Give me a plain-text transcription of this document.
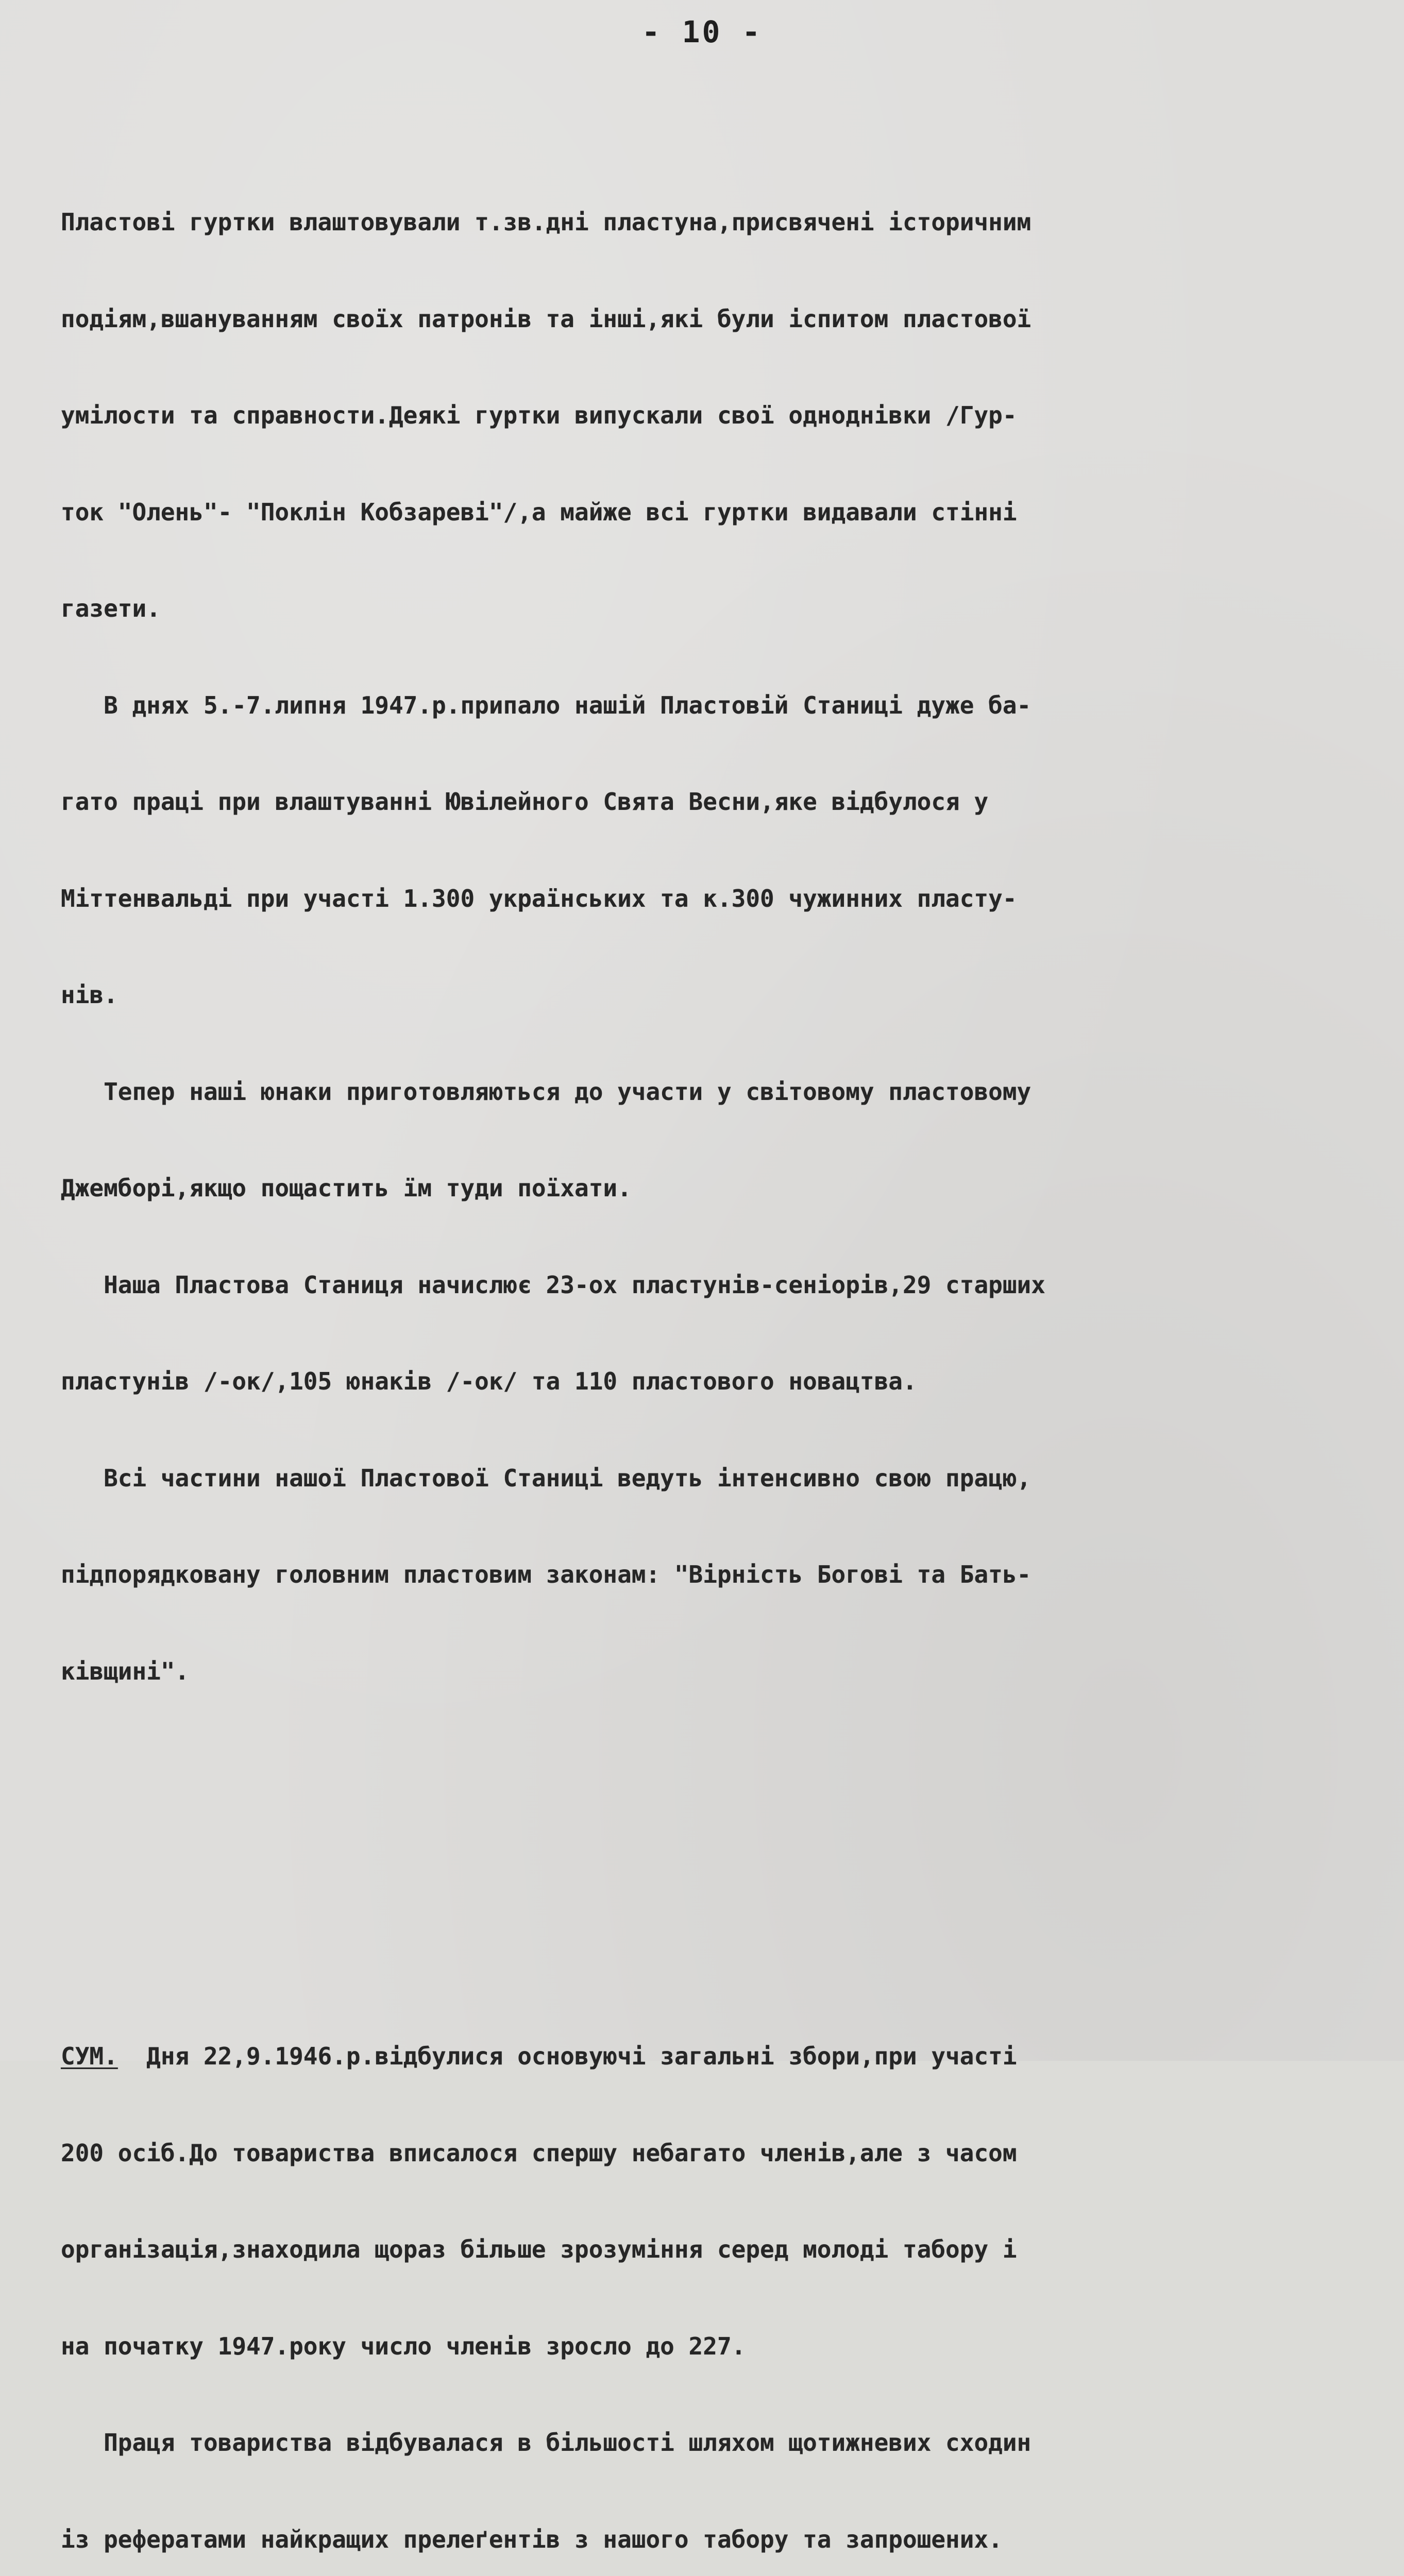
- 10 -

Пластові гуртки влаштовували т.зв.дні пластуна,присвячені історичним

подіям,вшануванням своїх патронів та інші,які були іспитом пластової

умілости та справности.Деякі гуртки випускали свої одноднівки /Гур-

ток "Олень"- "Поклін Кобзареві"/,а майже всі гуртки видавали стінні

газети.

В днях 5.-7.липня 1947.р.припало нашій Пластовій Станиці дуже ба-

гато праці при влаштуванні Ювілейного Свята Весни,яке відбулося у

Міттенвальді при участі 1.300 українських та к.300 чужинних пласту-

нів.

Тепер наші юнаки приготовляються до участи у світовому пластовому

Джемборі,якщо пощастить їм туди поїхати.

Наша Пластова Станиця начислює 23-ох пластунів-сеніорів,29 старших

пластунів /-ок/,105 юнаків /-ок/ та 110 пластового новацтва.

Всі частини нашої Пластової Станиці ведуть інтенсивно свою працю,

підпорядковану головним пластовим законам: "Вірність Богові та Бать-

ківщині".

СУМ.  Дня 22,9.1946.р.відбулися основуючі загальні збори,при участі

200 осіб.До товариства вписалося спершу небагато членів,але з часом

організація,знаходила щораз більше зрозуміння серед молоді табору і

на початку 1947.року число членів зросло до 227.

Праця товариства відбувалася в більшості шляхом щотижневих сходин

із рефератами найкращих прелеґентів з нашого табору та запрошених.
